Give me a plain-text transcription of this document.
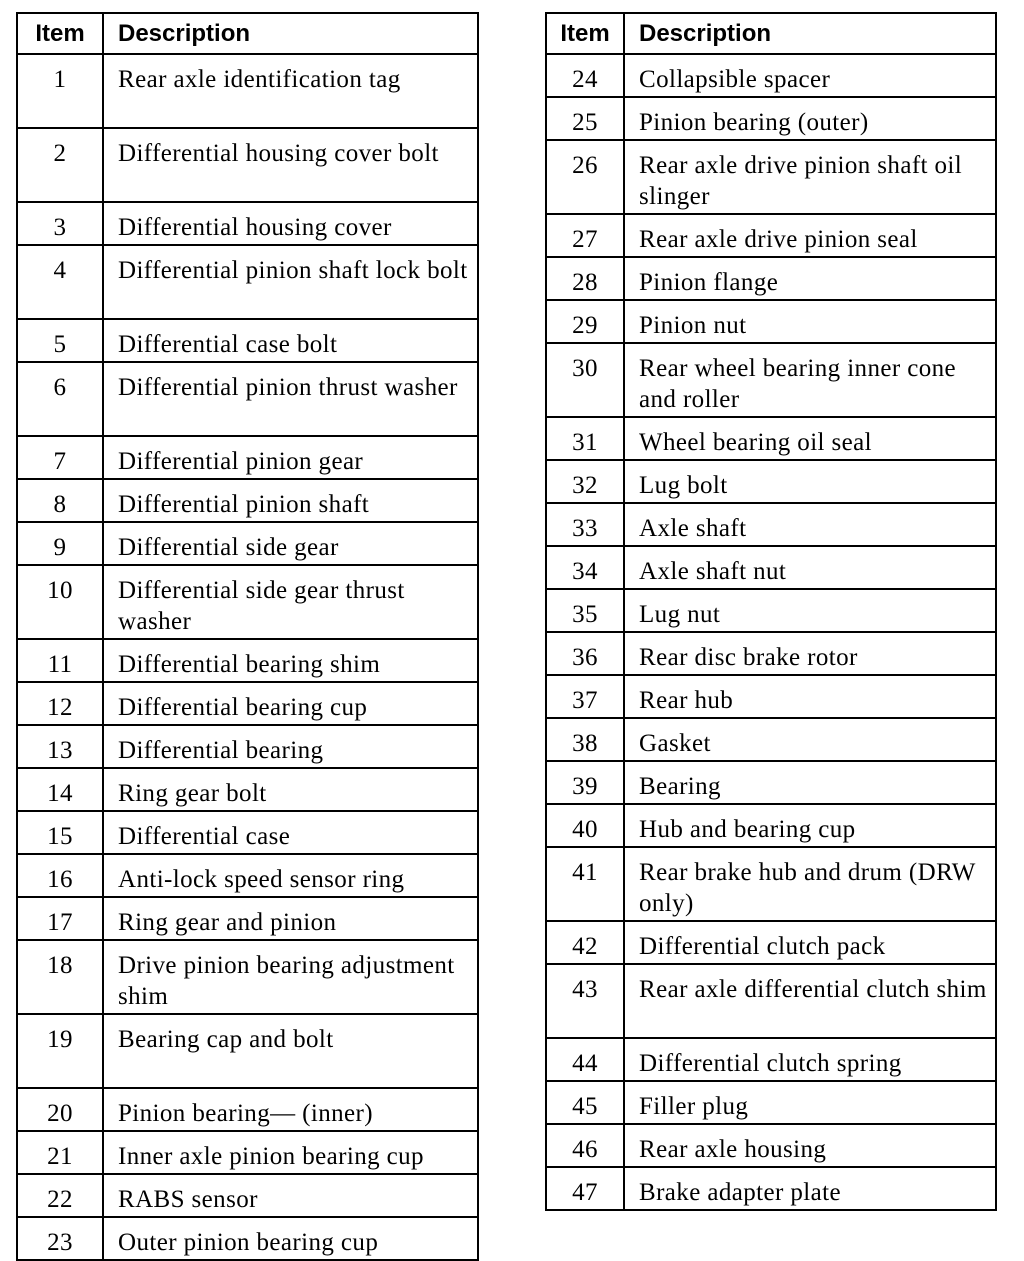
Item	Description
1	Rear axle identification tag
2	Differential housing cover bolt
3	Differential housing cover
4	Differential pinion shaft lock bolt
5	Differential case bolt
6	Differential pinion thrust washer
7	Differential pinion gear
8	Differential pinion shaft
9	Differential side gear
10	Differential side gear thrust washer
11	Differential bearing shim
12	Differential bearing cup
13	Differential bearing
14	Ring gear bolt
15	Differential case
16	Anti-lock speed sensor ring
17	Ring gear and pinion
18	Drive pinion bearing adjustment shim
19	Bearing cap and bolt
20	Pinion bearing— (inner)
21	Inner axle pinion bearing cup
22	RABS sensor
23	Outer pinion bearing cup
Item	Description
24	Collapsible spacer
25	Pinion bearing (outer)
26	Rear axle drive pinion shaft oil slinger
27	Rear axle drive pinion seal
28	Pinion flange
29	Pinion nut
30	Rear wheel bearing inner cone and roller
31	Wheel bearing oil seal
32	Lug bolt
33	Axle shaft
34	Axle shaft nut
35	Lug nut
36	Rear disc brake rotor
37	Rear hub
38	Gasket
39	Bearing
40	Hub and bearing cup
41	Rear brake hub and drum (DRW only)
42	Differential clutch pack
43	Rear axle differential clutch shim
44	Differential clutch spring
45	Filler plug
46	Rear axle housing
47	Brake adapter plate
